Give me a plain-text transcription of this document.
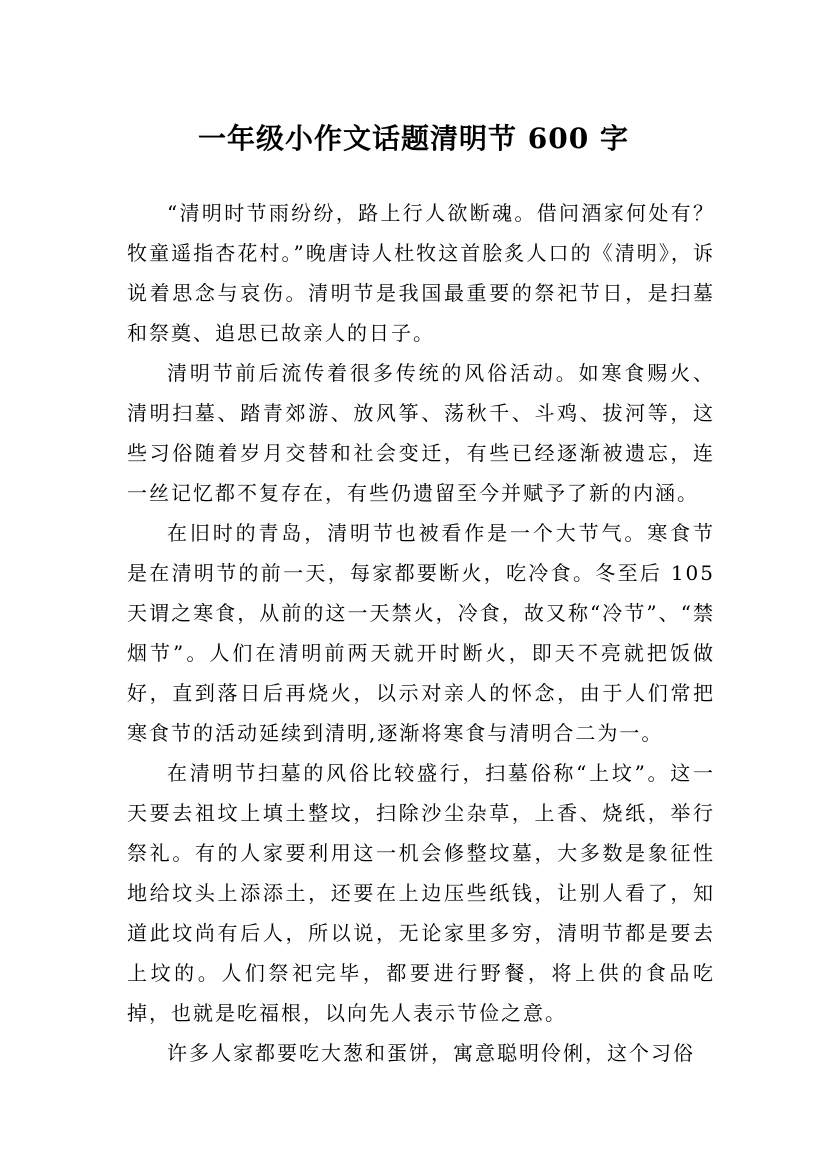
一年级小作文话题清明节 600 字

“清明时节雨纷纷，路上行人欲断魂。借问酒家何处有？牧童遥指杏花村。”晚唐诗人杜牧这首脍炙人口的《清明》，诉说着思念与哀伤。清明节是我国最重要的祭祀节日，是扫墓和祭奠、追思已故亲人的日子。

清明节前后流传着很多传统的风俗活动。如寒食赐火、清明扫墓、踏青郊游、放风筝、荡秋千、斗鸡、拔河等，这些习俗随着岁月交替和社会变迁，有些已经逐渐被遗忘，连一丝记忆都不复存在，有些仍遗留至今并赋予了新的内涵。

在旧时的青岛，清明节也被看作是一个大节气。寒食节是在清明节的前一天，每家都要断火，吃冷食。冬至后 105 天谓之寒食，从前的这一天禁火，冷食，故又称“冷节”、“禁烟节”。人们在清明前两天就开时断火，即天不亮就把饭做好，直到落日后再烧火，以示对亲人的怀念，由于人们常把寒食节的活动延续到清明,逐渐将寒食与清明合二为一。

在清明节扫墓的风俗比较盛行，扫墓俗称“上坟”。这一天要去祖坟上填土整坟，扫除沙尘杂草，上香、烧纸，举行祭礼。有的人家要利用这一机会修整坟墓，大多数是象征性地给坟头上添添土，还要在上边压些纸钱，让别人看了，知道此坟尚有后人，所以说，无论家里多穷，清明节都是要去上坟的。人们祭祀完毕，都要进行野餐，将上供的食品吃掉，也就是吃福根，以向先人表示节俭之意。

许多人家都要吃大葱和蛋饼，寓意聪明伶俐，这个习俗
